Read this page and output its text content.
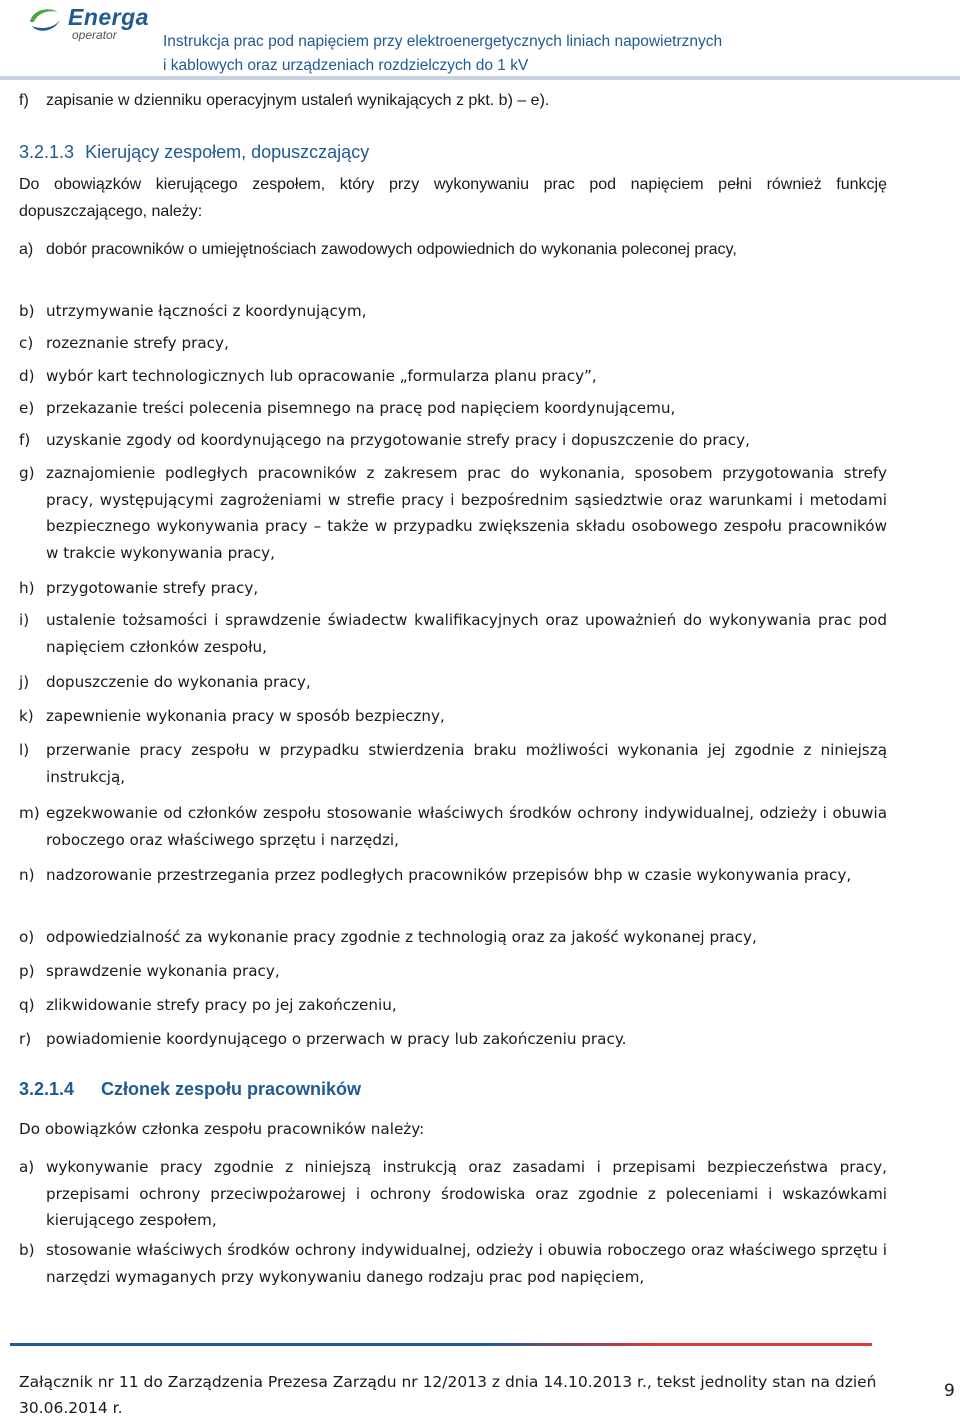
Energa
operator	Instrukcja prac pod napięciem przy elektroenergetycznych liniach napowietrznych
i kablowych oraz urządzeniach rozdzielczych do 1 kV
f)	zapisanie w dzienniku operacyjnym ustaleń wynikających z pkt. b) – e).
3.2.1.3 Kierujący zespołem, dopuszczający
Do obowiązków kierującego zespołem, który przy wykonywaniu prac pod napięciem pełni również funkcję dopuszczającego, należy:
a) dobór pracowników o umiejętnościach zawodowych odpowiednich do wykonania poleconej pracy,
b) utrzymywanie łączności z koordynującym,
c) rozeznanie strefy pracy,
d) wybór kart technologicznych lub opracowanie „formularza planu pracy”,
e) przekazanie treści polecenia pisemnego na pracę pod napięciem koordynującemu,
f)	uzyskanie zgody od koordynującego na przygotowanie strefy pracy i dopuszczenie do pracy,
g) zaznajomienie podległych pracowników z zakresem prac do wykonania, sposobem przygotowania strefy pracy, występującymi zagrożeniami w strefie pracy i bezpośrednim sąsiedztwie oraz warunkami i metodami bezpiecznego wykonywania pracy – także w przypadku zwiększenia składu osobowego zespołu pracowników w trakcie wykonywania pracy,
h) przygotowanie strefy pracy,
i)	ustalenie tożsamości i sprawdzenie świadectw kwalifikacyjnych oraz upoważnień do wykonywania prac pod napięciem członków zespołu,
j)	dopuszczenie do wykonania pracy,
k) zapewnienie wykonania pracy w sposób bezpieczny,
l)	przerwanie pracy zespołu w przypadku stwierdzenia braku możliwości wykonania jej zgodnie z niniejszą instrukcją,
m) egzekwowanie od członków zespołu stosowanie właściwych środków ochrony indywidualnej, odzieży i obuwia roboczego oraz właściwego sprzętu i narzędzi,
n) nadzorowanie przestrzegania przez podległych pracowników przepisów bhp w czasie wykonywania pracy,
o) odpowiedzialność za wykonanie pracy zgodnie z technologią oraz za jakość wykonanej pracy,
p) sprawdzenie wykonania pracy,
q) zlikwidowanie strefy pracy po jej zakończeniu,
r) powiadomienie koordynującego o przerwach w pracy lub zakończeniu pracy.
3.2.1.4 Członek zespołu pracowników
Do obowiązków członka zespołu pracowników należy:
a) wykonywanie pracy zgodnie z niniejszą instrukcją oraz zasadami i przepisami bezpieczeństwa pracy, przepisami ochrony przeciwpożarowej i ochrony środowiska oraz zgodnie z poleceniami i wskazówkami kierującego zespołem,
b) stosowanie właściwych środków ochrony indywidualnej, odzieży i obuwia roboczego oraz właściwego sprzętu i narzędzi wymaganych przy wykonywaniu danego rodzaju prac pod napięciem,
Załącznik nr 11 do Zarządzenia Prezesa Zarządu nr 12/2013 z dnia 14.10.2013 r., tekst jednolity stan na dzień 30.06.2014 r.
9
